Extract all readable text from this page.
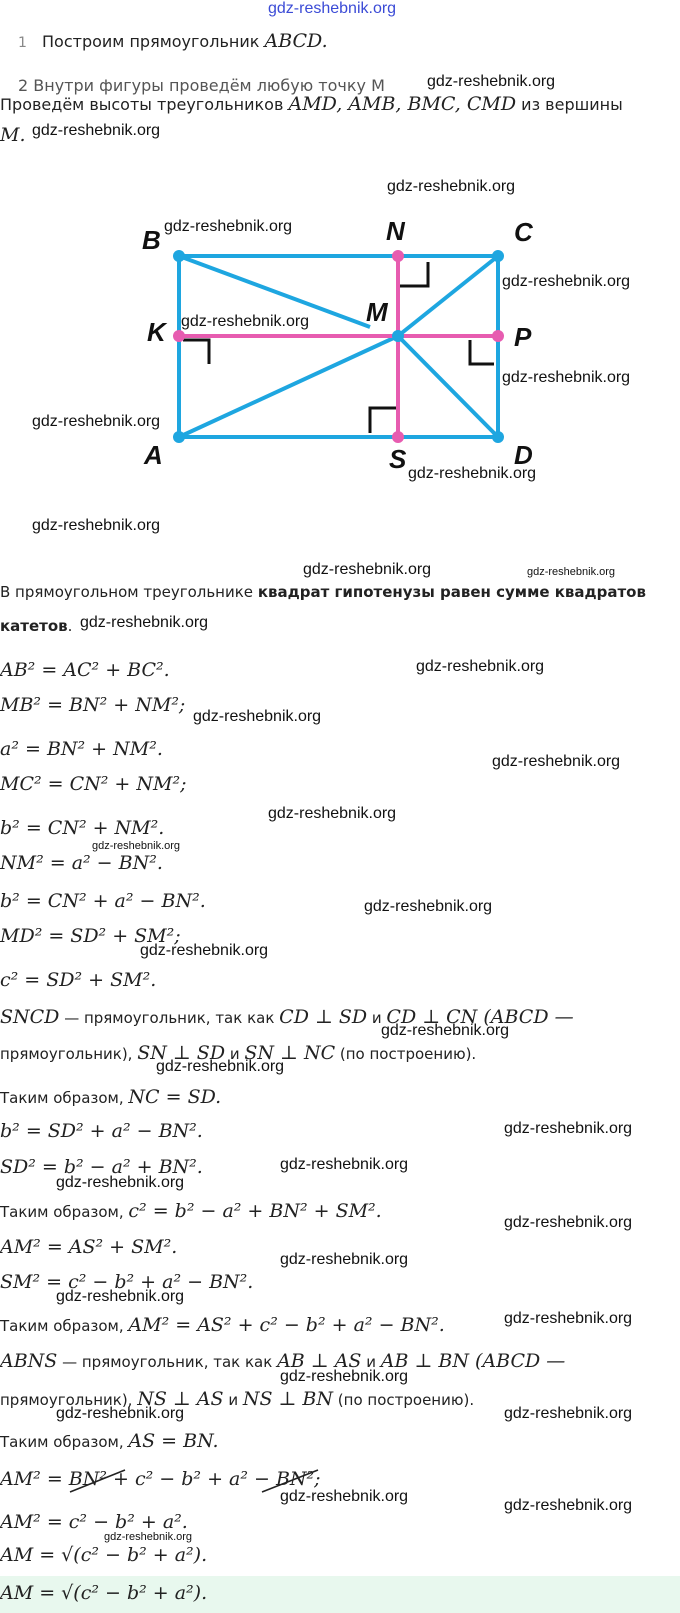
gdz-reshebnik.org
1 Построим прямоугольник ABCD.
2 Внутри фигуры проведём любую точку M	gdz-reshebnik.org
Проведём высоты треугольников AMD, AMB, BMC, CMD из вершины
M. gdz-reshebnik.org
gdz-reshebnik.org
B	N	C
K
M
P
A	S	D
gdz-reshebnik.org
gdz-reshebnik.org
gdz-reshebnik.org
gdz-reshebnik.org
gdz-reshebnik.org
gdz-reshebnik.org
gdz-reshebnik.org
gdz-reshebnik.org	gdz-reshebnik.org
В прямоугольном треугольнике квадрат гипотенузы равен сумме квадратов
катетов. gdz-reshebnik.org
AB² = AC² + BC².	gdz-reshebnik.org
MB² = BN² + NM²;
gdz-reshebnik.org
a² = BN² + NM².
gdz-reshebnik.org
MC² = CN² + NM²;
gdz-reshebnik.org
b² = CN² + NM².
gdz-reshebnik.org
NM² = a² − BN².
b² = CN² + a² − BN².	gdz-reshebnik.org
MD² = SD² + SM²;
gdz-reshebnik.org
c² = SD² + SM².
SNCD — прямоугольник, так как CD ⊥ SD и CD ⊥ CN (ABCD —
gdz-reshebnik.org
прямоугольник), SN ⊥ SD и SN ⊥ NC (по построению).
gdz-reshebnik.org
Таким образом, NC = SD.
b² = SD² + a² − BN².	gdz-reshebnik.org
SD² = b² − a² + BN².	gdz-reshebnik.org
gdz-reshebnik.org
Таким образом, c² = b² − a² + BN² + SM².
gdz-reshebnik.org
AM² = AS² + SM².
gdz-reshebnik.org
SM² = c² − b² + a² − BN².
gdz-reshebnik.org
Таким образом, AM² = AS² + c² − b² + a² − BN².	gdz-reshebnik.org
ABNS — прямоугольник, так как AB ⊥ AS и AB ⊥ BN (ABCD —
gdz-reshebnik.org
прямоугольник), NS ⊥ AS и NS ⊥ BN (по построению).
gdz-reshebnik.org	gdz-reshebnik.org
Таким образом, AS = BN.
AM² = BN² + c² − b² + a² − BN²;
gdz-reshebnik.org
gdz-reshebnik.org
AM² = c² − b² + a².
gdz-reshebnik.org
AM = √(c² − b² + a²).
AM = √(c² − b² + a²).
